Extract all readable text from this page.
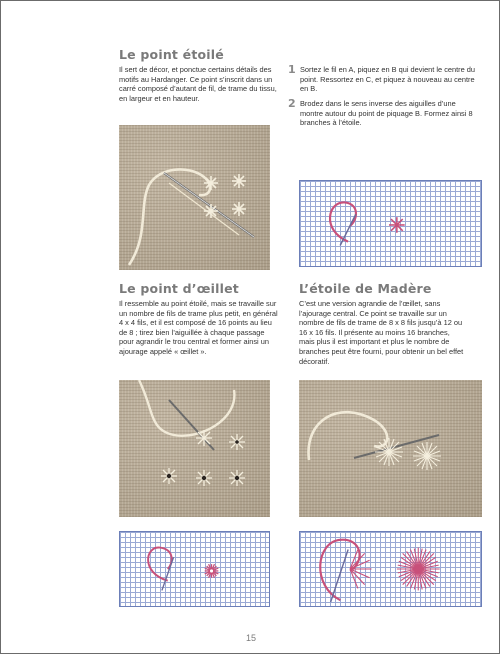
Le point étoilé
Il sert de décor, et ponctue certains détails des motifs au Hardanger. Ce point s’inscrit dans un carré composé d’autant de fil, de trame du tissu, en largeur et en hauteur.
1 Sortez le fil en A, piquez en B qui devient le centre du point. Ressortez en C, et piquez à nouveau au centre en B.
2 Brodez dans le sens inverse des aiguilles d’une montre autour du point de piquage B. Formez ainsi 8 branches à l’étoile.
Le point d’œillet
Il ressemble au point étoilé, mais se travaille sur un nombre de fils de trame plus petit, en général 4 x 4 fils, et il est composé de 16 points au lieu de 8 ; tirez bien l’aiguillée à chaque passage pour agrandir le trou central et former ainsi un ajourage appelé « œillet ».
L’étoile de Madère
C’est une version agrandie de l’œillet, sans l’ajourage central. Ce point se travaille sur un nombre de fils de trame de 8 x 8 fils jusqu’à 12 ou 16 x 16 fils. Il présente au moins 16 branches, mais plus il est important et plus le nombre de branches peut être fourni, pour obtenir un bel effet décoratif.
15
